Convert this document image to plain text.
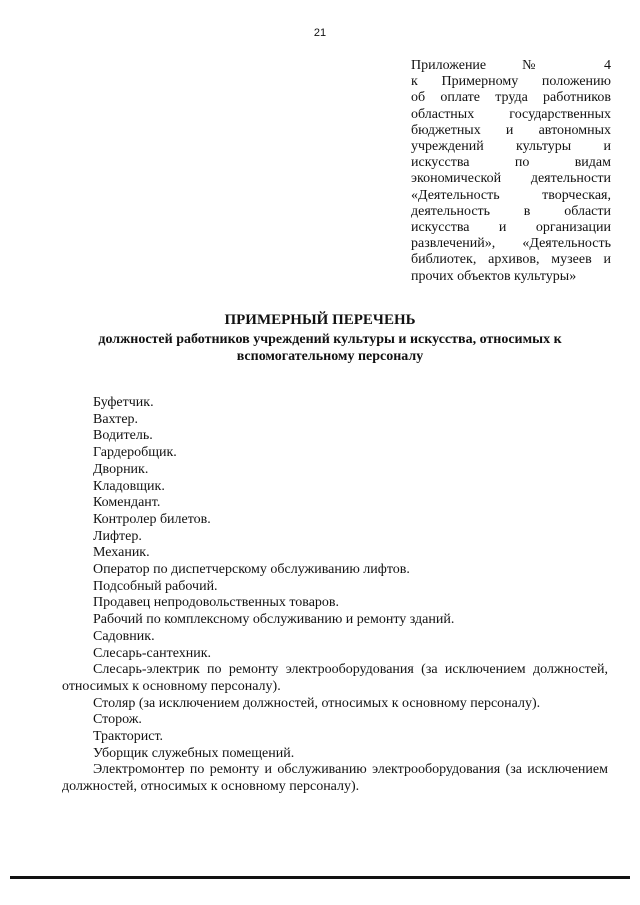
21
Приложение № 4
к Примерному положению
об оплате труда работников
областных государственных
бюджетных и автономных
учреждений культуры и
искусства по видам
экономической деятельности
«Деятельность творческая,
деятельность в области
искусства и организации
развлечений», «Деятельность
библиотек, архивов, музеев и
прочих объектов культуры»
ПРИМЕРНЫЙ ПЕРЕЧЕНЬ
должностей работников учреждений культуры и искусства, относимых к
вспомогательному персоналу
Буфетчик.
Вахтер.
Водитель.
Гардеробщик.
Дворник.
Кладовщик.
Комендант.
Контролер билетов.
Лифтер.
Механик.
Оператор по диспетчерскому обслуживанию лифтов.
Подсобный рабочий.
Продавец непродовольственных товаров.
Рабочий по комплексному обслуживанию и ремонту зданий.
Садовник.
Слесарь-сантехник.
Слесарь-электрик по ремонту электрооборудования (за исключением должностей, относимых к основному персоналу).
Столяр (за исключением должностей, относимых к основному персоналу).
Сторож.
Тракторист.
Уборщик служебных помещений.
Электромонтер по ремонту и обслуживанию электрооборудования (за исключением должностей, относимых к основному персоналу).
